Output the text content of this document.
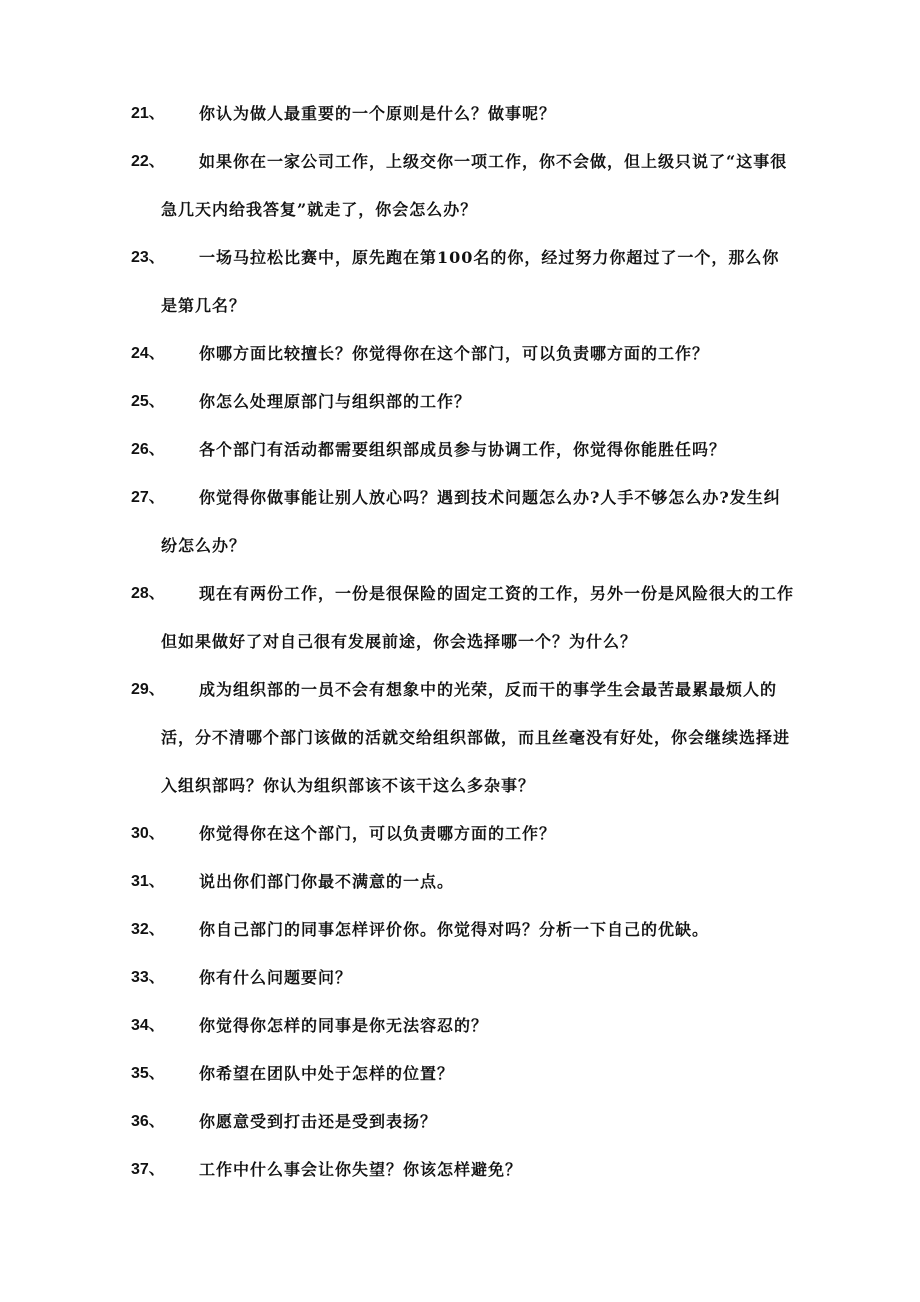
21、	你认为做人最重要的一个原则是什么？做事呢？
22、	如果你在一家公司工作，上级交你一项工作，你不会做，但上级只说了“这事很急几天内给我答复”就走了，你会怎么办？
23、	一场马拉松比赛中，原先跑在第100名的你，经过努力你超过了一个，那么你是第几名？
24、	你哪方面比较擅长？你觉得你在这个部门，可以负责哪方面的工作？
25、	你怎么处理原部门与组织部的工作？
26、	各个部门有活动都需要组织部成员参与协调工作，你觉得你能胜任吗？
27、	你觉得你做事能让别人放心吗？遇到技术问题怎么办?人手不够怎么办?发生纠纷怎么办？
28、	现在有两份工作，一份是很保险的固定工资的工作，另外一份是风险很大的工作但如果做好了对自己很有发展前途，你会选择哪一个？为什么？
29、	成为组织部的一员不会有想象中的光荣，反而干的事学生会最苦最累最烦人的活，分不清哪个部门该做的活就交给组织部做，而且丝毫没有好处，你会继续选择进入组织部吗？你认为组织部该不该干这么多杂事？
30、	你觉得你在这个部门，可以负责哪方面的工作？
31、	说出你们部门你最不满意的一点。
32、	你自己部门的同事怎样评价你。你觉得对吗？分析一下自己的优缺。
33、	你有什么问题要问？
34、	你觉得你怎样的同事是你无法容忍的？
35、	你希望在团队中处于怎样的位置？
36、	你愿意受到打击还是受到表扬？
37、	工作中什么事会让你失望？你该怎样避免？
